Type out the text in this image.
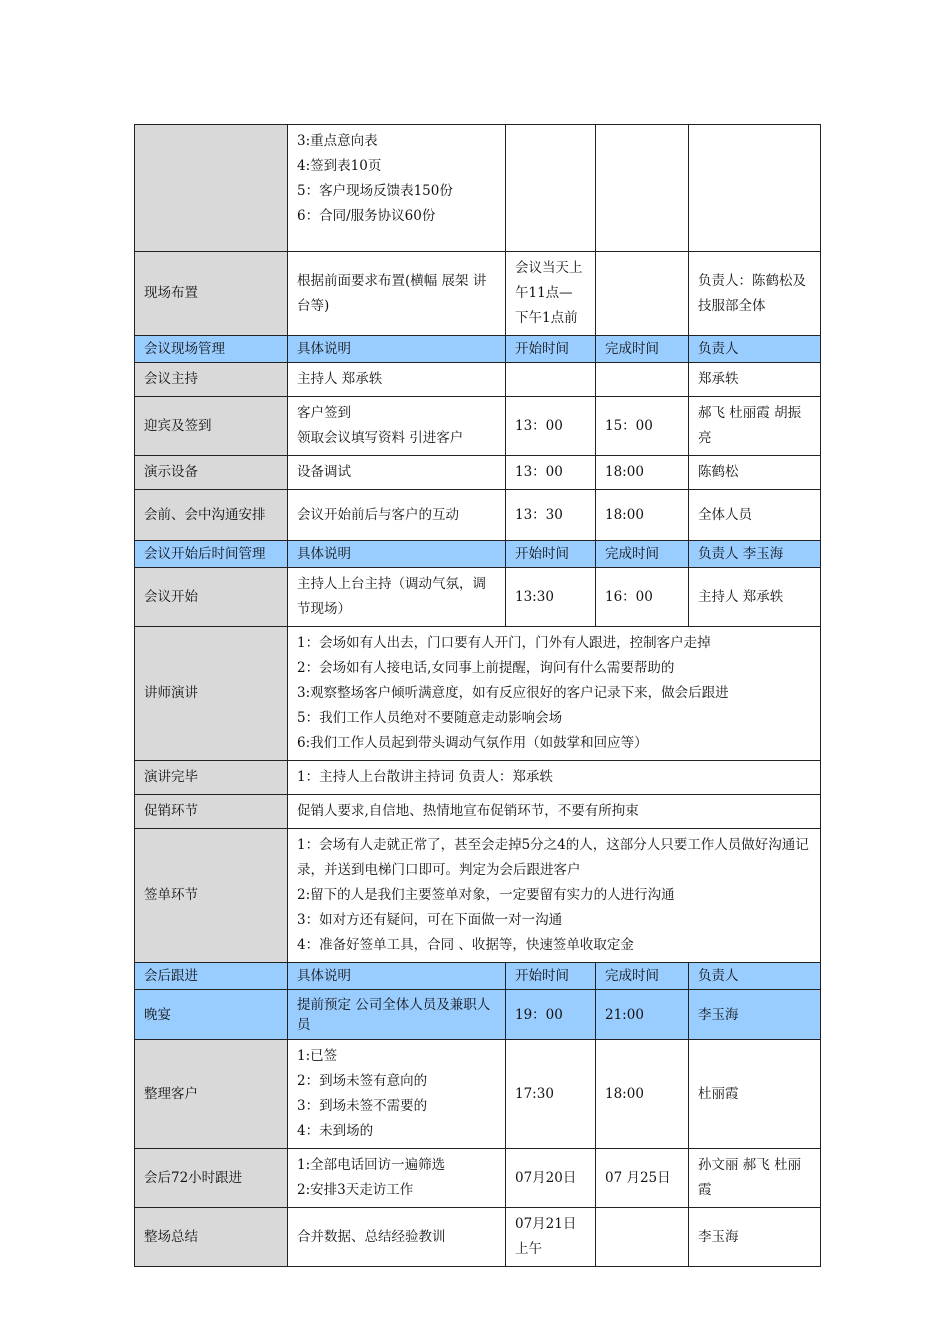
	3:重点意向表
4:签到表10页
5：客户现场反馈表150份
6：合同/服务协议60份			

现场布置	根据前面要求布置(横幅 展架 讲台等)	会议当天上午11点—下午1点前		负责人：陈鹤松及技服部全体
会议现场管理	具体说明	开始时间	完成时间	负责人
会议主持	主持人 郑承轶			郑承轶
迎宾及签到	客户签到
领取会议填写资料 引进客户	13：00	15：00	郝飞 杜丽霞 胡振亮
演示设备	设备调试	13：00	18:00	陈鹤松
会前、会中沟通安排	会议开始前后与客户的互动	13：30	18:00	全体人员
会议开始后时间管理	具体说明	开始时间	完成时间	负责人 李玉海
会议开始	主持人上台主持（调动气氛，调节现场）	13:30	16：00	主持人 郑承轶
讲师演讲	1：会场如有人出去，门口要有人开门，门外有人跟进，控制客户走掉
2：会场如有人接电话,女同事上前提醒，询问有什么需要帮助的
3:观察整场客户倾听满意度，如有反应很好的客户记录下来，做会后跟进
5：我们工作人员绝对不要随意走动影响会场
6:我们工作人员起到带头调动气氛作用（如鼓掌和回应等）			

演讲完毕	1：主持人上台散讲主持词 负责人：郑承轶			

促销环节	促销人要求,自信地、热情地宣布促销环节，不要有所拘束			

签单环节	1：会场有人走就正常了，甚至会走掉5分之4的人，这部分人只要工作人员做好沟通记录，并送到电梯门口即可。判定为会后跟进客户
2:留下的人是我们主要签单对象，一定要留有实力的人进行沟通
3：如对方还有疑问，可在下面做一对一沟通
4：准备好签单工具，合同 、收据等，快速签单收取定金			

会后跟进	具体说明	开始时间	完成时间	负责人
晚宴	提前预定 公司全体人员及兼职人员	19：00	21:00	李玉海
整理客户	1:已签
2：到场未签有意向的
3：到场未签不需要的
4：未到场的	17:30	18:00	杜丽霞
会后72小时跟进	1:全部电话回访一遍筛选
2:安排3天走访工作	07月20日	07 月25日	孙文丽 郝飞 杜丽霞
整场总结	合并数据、总结经验教训	07月21日上午		李玉海
